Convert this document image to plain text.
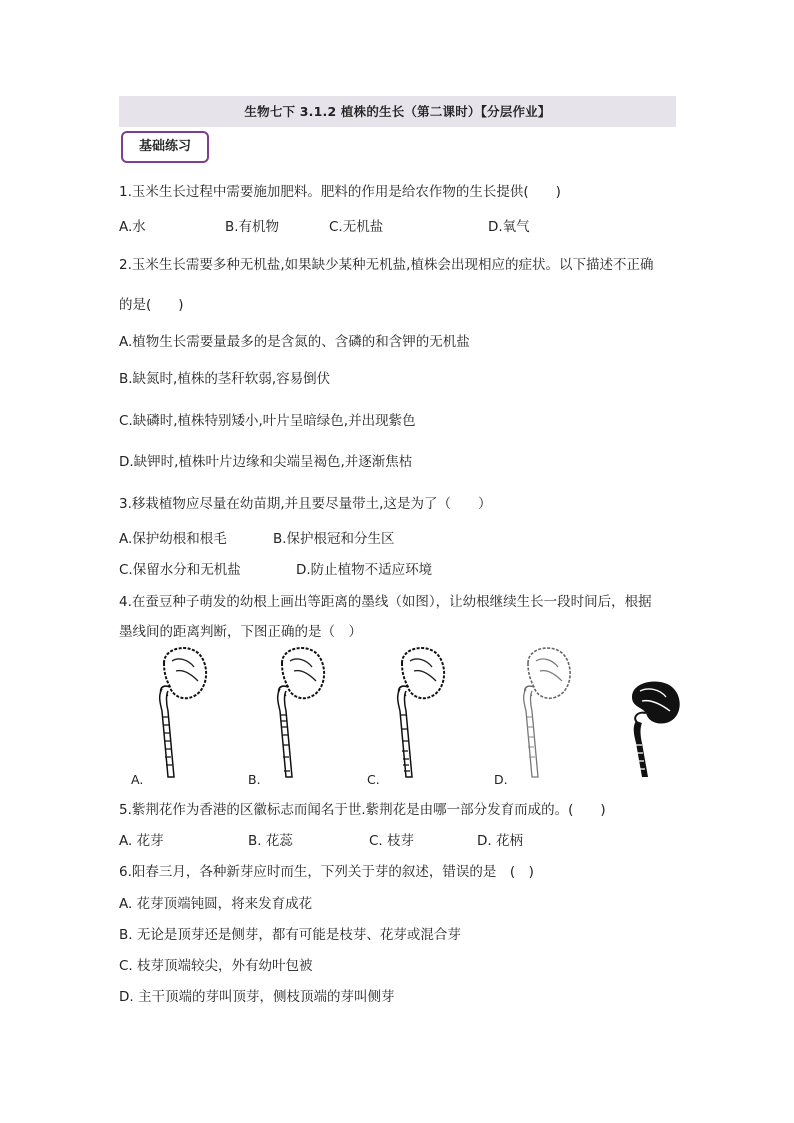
生物七下 3.1.2 植株的生长（第二课时）【分层作业】
基础练习
1.玉米生长过程中需要施加肥料。肥料的作用是给农作物的生长提供(　　)
A.水	B.有机物	C.无机盐	D.氧气
2.玉米生长需要多种无机盐,如果缺少某种无机盐,植株会出现相应的症状。以下描述不正确
的是(　　)
A.植物生长需要量最多的是含氮的、含磷的和含钾的无机盐
B.缺氮时,植株的茎秆软弱,容易倒伏
C.缺磷时,植株特别矮小,叶片呈暗绿色,并出现紫色
D.缺钾时,植株叶片边缘和尖端呈褐色,并逐渐焦枯
3.移栽植物应尽量在幼苗期,并且要尽量带土,这是为了（　　）
A.保护幼根和根毛	B.保护根冠和分生区
C.保留水分和无机盐	D.防止植物不适应环境
4.在蚕豆种子萌发的幼根上画出等距离的墨线（如图），让幼根继续生长一段时间后，根据
墨线间的距离判断，下图正确的是（　）
A.	B.	C.	D.
5.紫荆花作为香港的区徽标志而闻名于世.紫荆花是由哪一部分发育而成的。(　　)
A. 花芽	B. 花蕊	C. 枝芽	D. 花柄
6.阳春三月，各种新芽应时而生，下列关于芽的叙述，错误的是　(　)
A. 花芽顶端钝圆，将来发育成花
B. 无论是顶芽还是侧芽，都有可能是枝芽、花芽或混合芽
C. 枝芽顶端较尖，外有幼叶包被
D. 主干顶端的芽叫顶芽，侧枝顶端的芽叫侧芽
